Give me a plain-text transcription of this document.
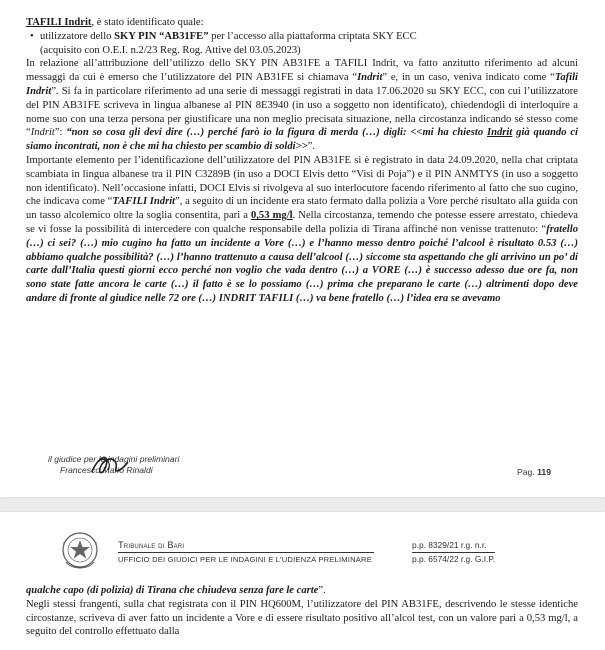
TAFILI Indrit, è stato identificato quale:

• utilizzatore dello SKY PIN “AB31FE” per l’accesso alla piattaforma criptata SKY ECC
(acquisito con O.E.I. n.2/23 Reg. Rog. Attive del 03.05.2023)

In relazione all’attribuzione dell’utilizzo dello SKY PIN AB31FE a TAFILI Indrit, va fatto anzitutto riferimento ad alcuni messaggi da cui è emerso che l’utilizzatore del PIN AB31FE si chiamava “Indrit” e, in un caso, veniva indicato come “Tafili Indrit”. Si fa in particolare riferimento ad una serie di messaggi registrati in data 17.06.2020 su SKY ECC, con cui l’utilizzatore del PIN AB31FE scriveva in lingua albanese al PIN 8E3940 (in uso a soggetto non identificato), chiedendogli di interloquire a nome suo con una terza persona per giustificare una non meglio precisata situazione, nella circostanza indicando sé stesso come “Indrit”: “non so cosa gli devi dire (…) perché farò io la figura di merda (…) digli: <<mi ha chiesto Indrit già quando ci siamo incontrati, non è che mi ha chiesto per scambio di soldi>>”.

Importante elemento per l’identificazione dell’utilizzatore del PIN AB31FE si è registrato in data 24.09.2020, nella chat criptata scambiata in lingua albanese tra il PIN C3289B (in uso a DOCI Elvis detto “Visi di Poja”) e il PIN ANMTYS (in uso a soggetto non identificato). Nell’occasione infatti, DOCI Elvis si rivolgeva al suo interlocutore facendo riferimento al fatto che suo cugino, che indicava come “TAFILI Indrit”, a seguito di un incidente era stato fermato dalla polizia a Vore perché risultato alla guida con un tasso alcolemico oltre la soglia consentita, pari a 0,53 mg/l. Nella circostanza, temendo che potesse essere arrestato, chiedeva se vi fosse la possibilità di intercedere con qualche responsabile della polizia di Tirana affinché non venisse trattenuto: “fratello (…) ci sei? (…) mio cugino ha fatto un incidente a Vore (…) e l’hanno messo dentro poiché l’alcool è risultato 0.53 (…) abbiamo qualche possibilità? (…) l’hanno trattenuto a causa dell’alcool (…) siccome sta aspettando che gli arrivino un po’ di carte dall’Italia questi giorni ecco perché non voglio che vada dentro (…) a VORE (…) è successo adesso due ore fa, non sono state fatte ancora le carte (…) il fatto è se lo possiamo (…) prima che preparano le carte (…) altrimenti dopo deve andare di fronte al giudice nelle 72 ore (…) INDRIT TAFILI (…) va bene fratello (…) l’idea era se avevamo

il giudice per le indagini preliminari
Francesco Mario Rinaldi	Pag. 119
Tribunale di Bari
UFFICIO DEI GIUDICI PER LE INDAGINI E L’UDIENZA PRELIMINARE
p.p. 8329/21 r.g. n.r.
p.p. 6574/22 r.g. G.I.P.

qualche capo (di polizia) di Tirana che chiudeva senza fare le carte”.

Negli stessi frangenti, sulla chat registrata con il PIN HQ600M, l’utilizzatore del PIN AB31FE, descrivendo le stesse identiche circostanze, scriveva di aver fatto un incidente a Vore e di essere risultato positivo all’alcol test, con un valore pari a 0,53 mg/l, a seguito del controllo effettuato dalla
